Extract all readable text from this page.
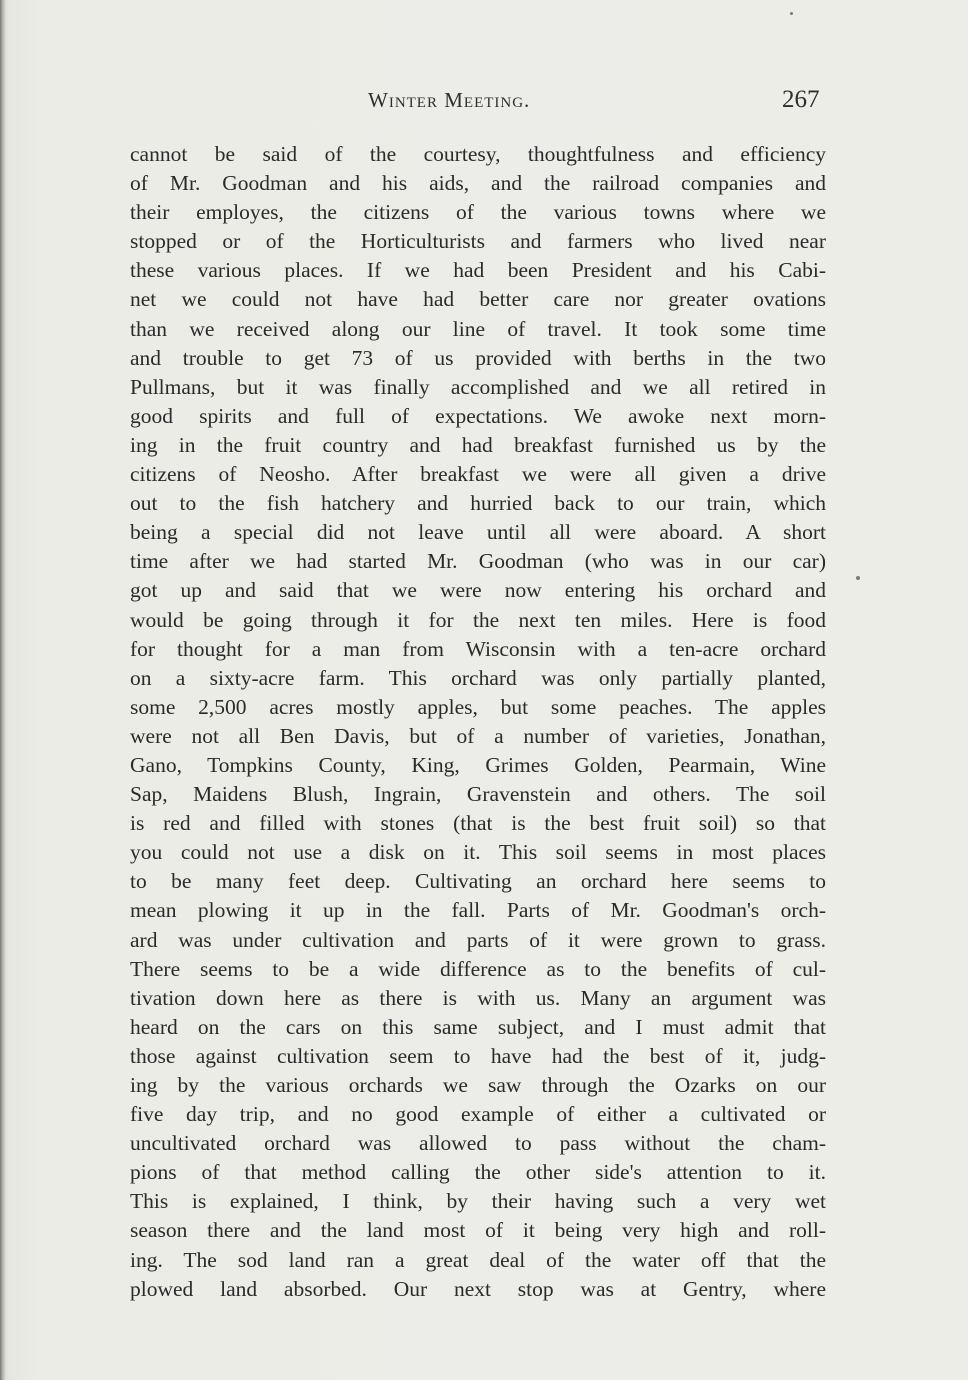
Winter Meeting.	267
cannot be said of the courtesy, thoughtfulness and efficiency
of Mr. Goodman and his aids, and the railroad companies and
their employes, the citizens of the various towns where we
stopped or of the Horticulturists and farmers who lived near
these various places. If we had been President and his Cabi-
net we could not have had better care nor greater ovations
than we received along our line of travel. It took some time
and trouble to get 73 of us provided with berths in the two
Pullmans, but it was finally accomplished and we all retired in
good spirits and full of expectations. We awoke next morn-
ing in the fruit country and had breakfast furnished us by the
citizens of Neosho. After breakfast we were all given a drive
out to the fish hatchery and hurried back to our train, which
being a special did not leave until all were aboard. A short
time after we had started Mr. Goodman (who was in our car)
got up and said that we were now entering his orchard and
would be going through it for the next ten miles. Here is food
for thought for a man from Wisconsin with a ten-acre orchard
on a sixty-acre farm. This orchard was only partially planted,
some 2,500 acres mostly apples, but some peaches. The apples
were not all Ben Davis, but of a number of varieties, Jonathan,
Gano, Tompkins County, King, Grimes Golden, Pearmain, Wine
Sap, Maidens Blush, Ingrain, Gravenstein and others. The soil
is red and filled with stones (that is the best fruit soil) so that
you could not use a disk on it. This soil seems in most places
to be many feet deep. Cultivating an orchard here seems to
mean plowing it up in the fall. Parts of Mr. Goodman's orch-
ard was under cultivation and parts of it were grown to grass.
There seems to be a wide difference as to the benefits of cul-
tivation down here as there is with us. Many an argument was
heard on the cars on this same subject, and I must admit that
those against cultivation seem to have had the best of it, judg-
ing by the various orchards we saw through the Ozarks on our
five day trip, and no good example of either a cultivated or
uncultivated orchard was allowed to pass without the cham-
pions of that method calling the other side's attention to it.
This is explained, I think, by their having such a very wet
season there and the land most of it being very high and roll-
ing. The sod land ran a great deal of the water off that the
plowed land absorbed. Our next stop was at Gentry, where
